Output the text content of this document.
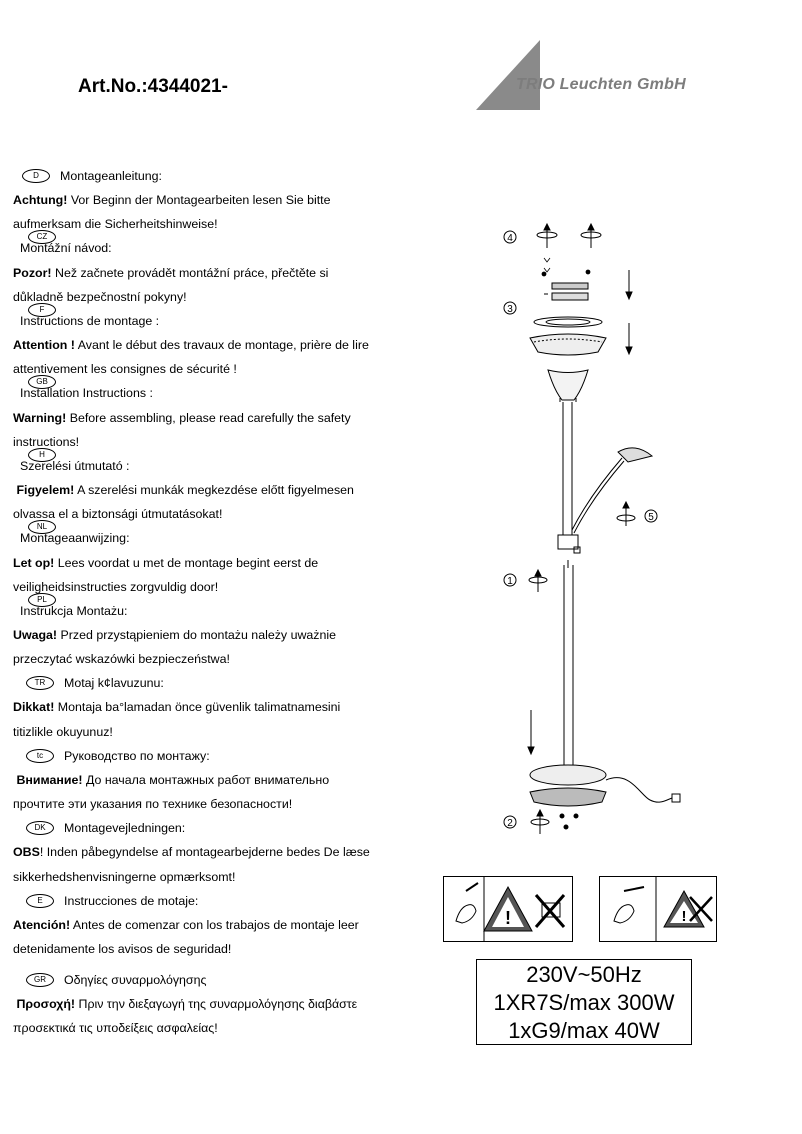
Art.No.:4344021-	TRIO Leuchten GmbH
D Montageanleitung:
Achtung! Vor Beginn der Montagearbeiten lesen Sie bitte
aufmerksam die Sicherheitshinweise!
CZ
Montážní návod:
Pozor! Než začnete provádět montážní práce, přečtěte si
důkladně bezpečnostní pokyny!
F
Instructions de montage :
Attention ! Avant le début des travaux de montage, prière de lire
attentivement les consignes de sécurité !
GB
Installation Instructions :
Warning! Before assembling, please read carefully the safety
instructions!
H
Szerelési útmutató :
Figyelem! A szerelési munkák megkezdése előtt figyelmesen
olvassa el a biztonsági útmutatásokat!
NL
Montageaanwijzing:
Let op! Lees voordat u met de montage begint eerst de
veiligheidsinstructies zorgvuldig door!
PL
Instrukcja Montażu:
Uwaga! Przed przystąpieniem do montażu należy uważnie
przeczytać wskazówki bezpieczeństwa!
TR Motaj k¢lavuzunu:
Dikkat! Montaja ba°lamadan önce güvenlik talimatnamesini
titizlikle okuyunuz!
tc Руководство по монтажу:
Внимание! До начала монтажных работ внимательно
прочтите эти указания по технике безопасности!
DK Montagevejledningen:
OBS! Inden påbegyndelse af montagearbejderne bedes De læse
sikkerhedshenvisningerne opmærksomt!
E Instrucciones de motaje:
Atención! Antes de comenzar con los trabajos de montaje leer
detenidamente los avisos de seguridad!
GR Οδηγίες συναρμολόγησης
Προσοχή! Πριν την διεξαγωγή της συναρμολόγησης διαβάστε
προσεκτικά τις υποδείξεις ασφαλείας!
4
3
5
1
2
!	!
230V~50Hz
1XR7S/max 300W
1xG9/max 40W
